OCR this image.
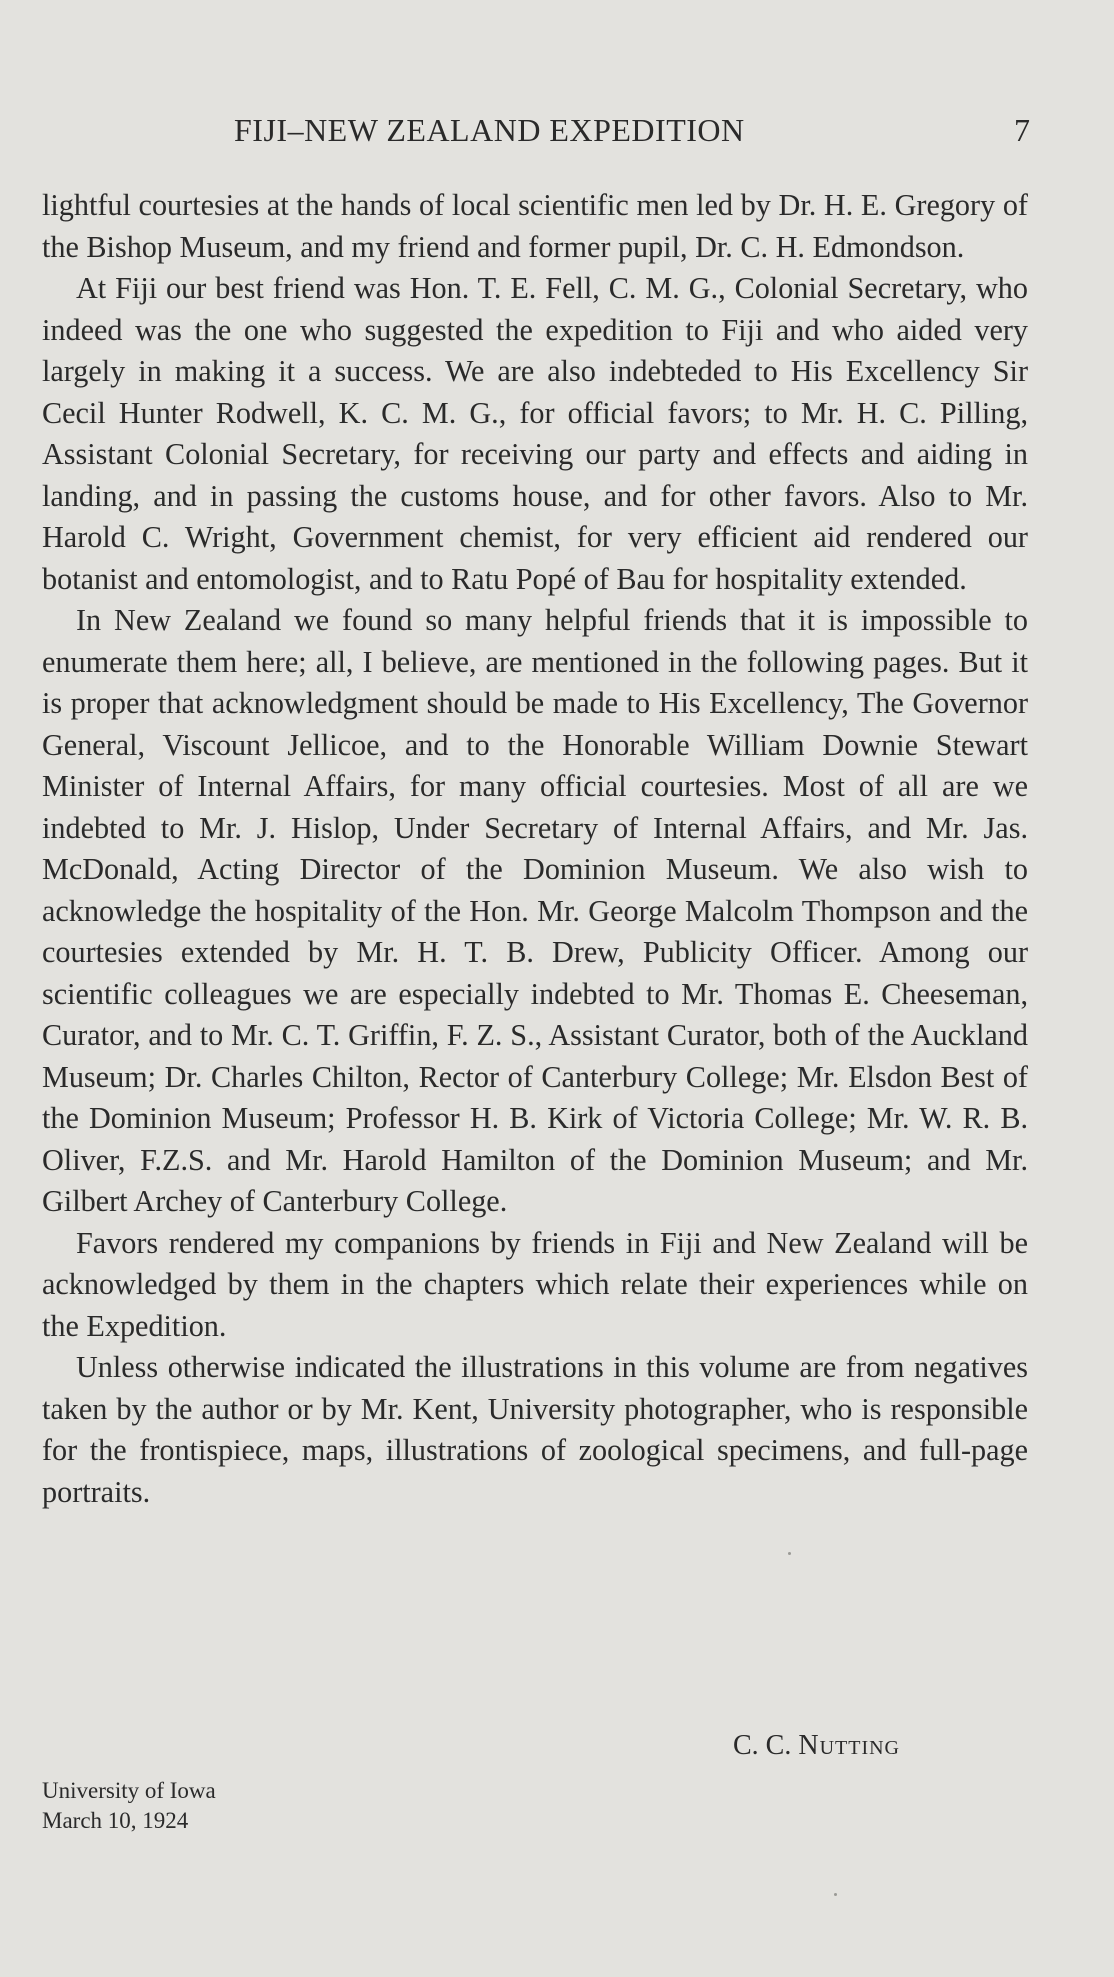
FIJI–NEW ZEALAND EXPEDITION	7

lightful courtesies at the hands of local scientific men led by Dr. H. E. Gregory of the Bishop Museum, and my friend and former pupil, Dr. C. H. Edmondson.

At Fiji our best friend was Hon. T. E. Fell, C. M. G., Colonial Secretary, who indeed was the one who suggested the expedition to Fiji and who aided very largely in making it a success. We are also indebteded to His Excellency Sir Cecil Hunter Rodwell, K. C. M. G., for official favors; to Mr. H. C. Pilling, Assistant Colonial Secretary, for receiving our party and effects and aiding in landing, and in passing the customs house, and for other favors. Also to Mr. Harold C. Wright, Government chemist, for very efficient aid rendered our botanist and entomologist, and to Ratu Popé of Bau for hospitality extended.

In New Zealand we found so many helpful friends that it is impossible to enumerate them here; all, I believe, are mentioned in the following pages. But it is proper that acknowledgment should be made to His Excellency, The Governor General, Viscount Jellicoe, and to the Honorable William Downie Stewart Minister of Internal Affairs, for many official courtesies. Most of all are we indebted to Mr. J. Hislop, Under Secretary of Internal Affairs, and Mr. Jas. McDonald, Acting Director of the Dominion Museum. We also wish to acknowledge the hospitality of the Hon. Mr. George Malcolm Thompson and the courtesies extended by Mr. H. T. B. Drew, Publicity Officer. Among our scientific colleagues we are especially indebted to Mr. Thomas E. Cheeseman, Curator, and to Mr. C. T. Griffin, F. Z. S., Assistant Curator, both of the Auckland Museum; Dr. Charles Chilton, Rector of Canterbury College; Mr. Elsdon Best of the Dominion Museum; Professor H. B. Kirk of Victoria College; Mr. W. R. B. Oliver, F.Z.S. and Mr. Harold Hamilton of the Dominion Museum; and Mr. Gilbert Archey of Canterbury College.

Favors rendered my companions by friends in Fiji and New Zealand will be acknowledged by them in the chapters which relate their experiences while on the Expedition.

Unless otherwise indicated the illustrations in this volume are from negatives taken by the author or by Mr. Kent, University photographer, who is responsible for the frontispiece, maps, illustrations of zoological specimens, and full-page portraits.

C. C. Nutting
University of Iowa
March 10, 1924
